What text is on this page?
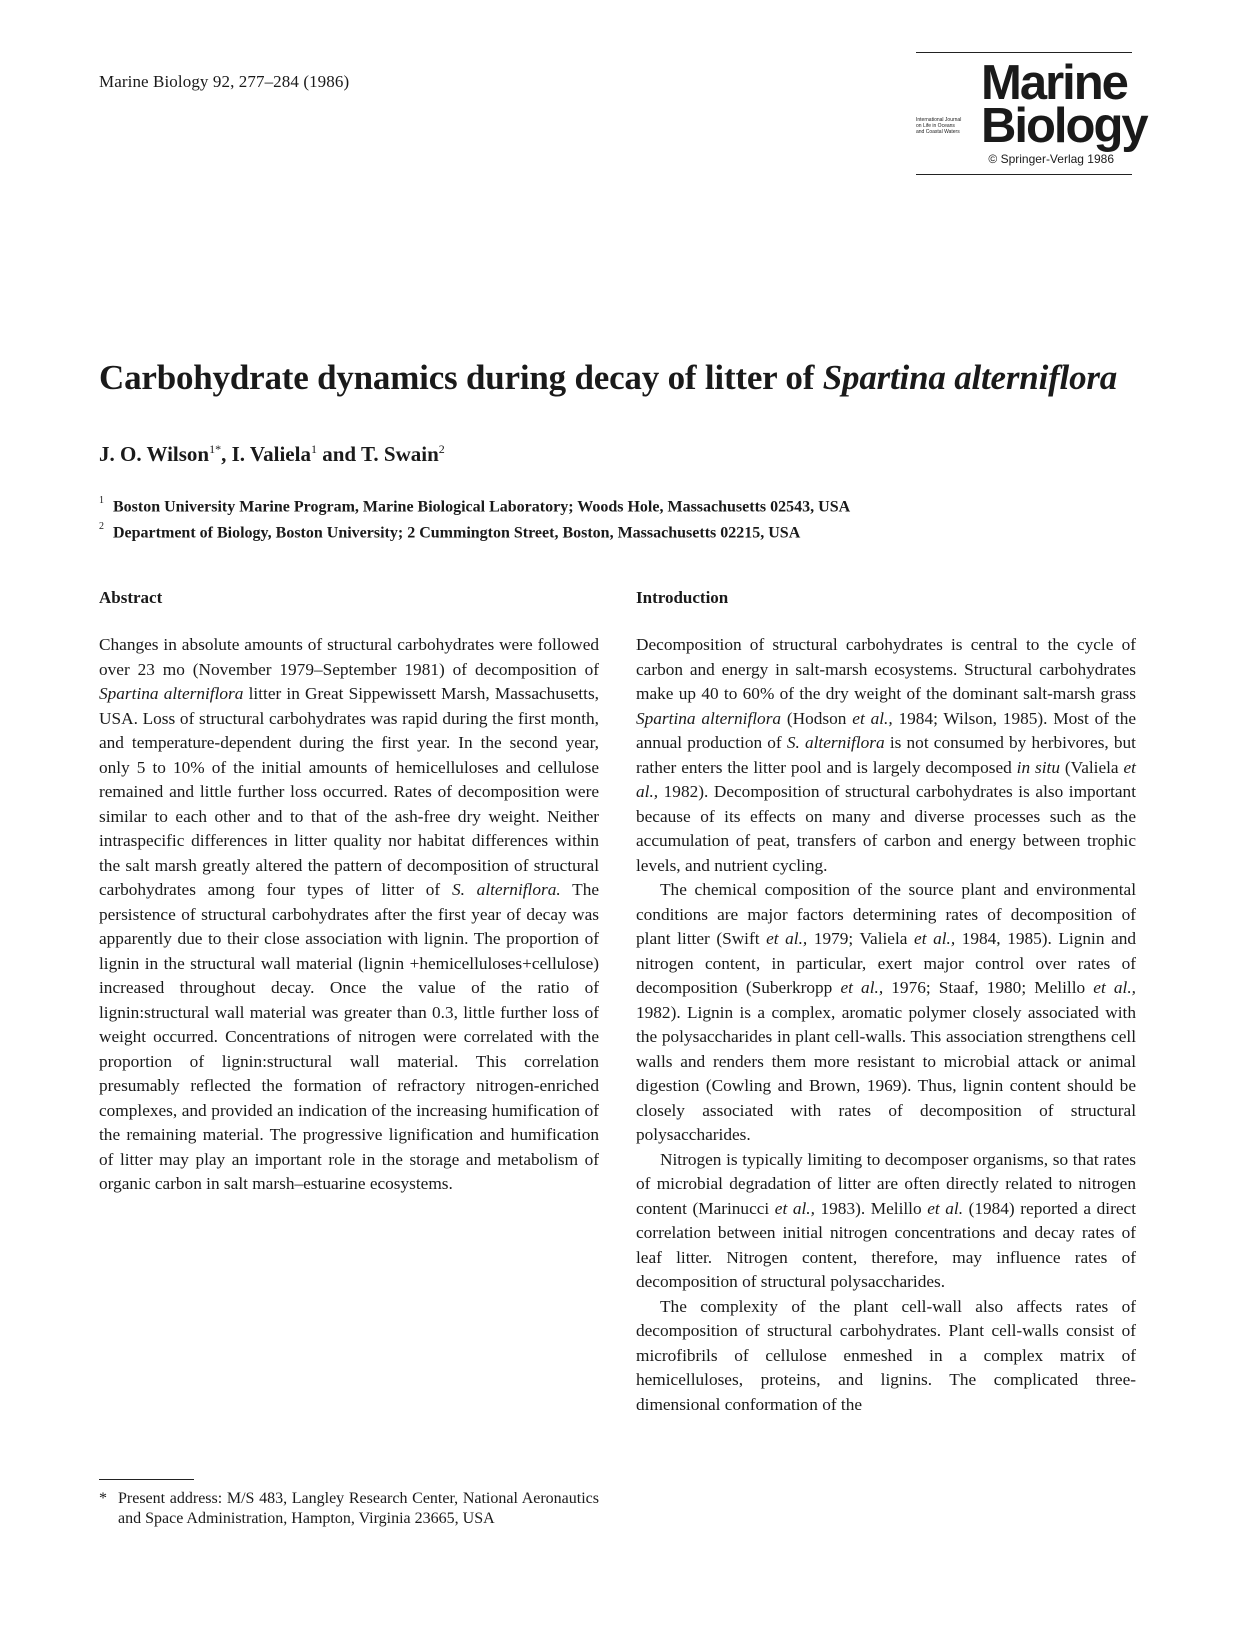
Marine Biology 92, 277–284 (1986)	Marine
International Journal
on Life in Oceans
and Coastal Waters Biology
© Springer-Verlag 1986
Carbohydrate dynamics during decay of litter of Spartina alterniflora
J. O. Wilson$^{1*}$, I. Valiela$^1$ and T. Swain$^2$
$^1$ Boston University Marine Program, Marine Biological Laboratory; Woods Hole, Massachusetts 02543, USA
$^2$ Department of Biology, Boston University; 2 Cummington Street, Boston, Massachusetts 02215, USA
Abstract	Introduction

Changes in absolute amounts of structural carbohydrates were followed over 23 mo (November 1979–September 1981) of decomposition of Spartina alterniflora litter in Great Sippewissett Marsh, Massachusetts, USA. Loss of structural carbohydrates was rapid during the first month, and temperature-dependent during the first year. In the second year, only 5 to 10% of the initial amounts of hemicelluloses and cellulose remained and little further loss occurred. Rates of decomposition were similar to each other and to that of the ash-free dry weight. Neither intraspecific differences in litter quality nor habitat differences within the salt marsh greatly altered the pattern of decomposition of structural carbohydrates among four types of litter of S. alterniflora. The persistence of structural carbohydrates after the first year of decay was apparently due to their close association with lignin. The proportion of lignin in the structural wall material (lignin +hemicelluloses+cellulose) increased throughout decay. Once the value of the ratio of lignin:structural wall material was greater than 0.3, little further loss of weight occurred. Concentrations of nitrogen were correlated with the proportion of lignin:structural wall material. This correlation presumably reflected the formation of refractory nitrogen-enriched complexes, and provided an indication of the increasing humification of the remaining material. The progressive lignification and humification of litter may play an important role in the storage and metabolism of organic carbon in salt marsh–estuarine ecosystems.

Decomposition of structural carbohydrates is central to the cycle of carbon and energy in salt-marsh ecosystems. Structural carbohydrates make up 40 to 60% of the dry weight of the dominant salt-marsh grass Spartina alterniflora (Hodson et al., 1984; Wilson, 1985). Most of the annual production of S. alterniflora is not consumed by herbivores, but rather enters the litter pool and is largely decomposed in situ (Valiela et al., 1982). Decomposition of structural carbohydrates is also important because of its effects on many and diverse processes such as the accumulation of peat, transfers of carbon and energy between trophic levels, and nutrient cycling.

The chemical composition of the source plant and environmental conditions are major factors determining rates of decomposition of plant litter (Swift et al., 1979; Valiela et al., 1984, 1985). Lignin and nitrogen content, in particular, exert major control over rates of decomposition (Suberkropp et al., 1976; Staaf, 1980; Melillo et al., 1982). Lignin is a complex, aromatic polymer closely associated with the polysaccharides in plant cell-walls. This association strengthens cell walls and renders them more resistant to microbial attack or animal digestion (Cowling and Brown, 1969). Thus, lignin content should be closely associated with rates of decomposition of structural polysaccharides.

Nitrogen is typically limiting to decomposer organisms, so that rates of microbial degradation of litter are often directly related to nitrogen content (Marinucci et al., 1983). Melillo et al. (1984) reported a direct correlation between initial nitrogen concentrations and decay rates of leaf litter. Nitrogen content, therefore, may influence rates of decomposition of structural polysaccharides.

The complexity of the plant cell-wall also affects rates of decomposition of structural carbohydrates. Plant cell-walls consist of microfibrils of cellulose enmeshed in a complex matrix of hemicelluloses, proteins, and lignins. The complicated three-dimensional conformation of the

* Present address: M/S 483, Langley Research Center, National Aeronautics and Space Administration, Hampton, Virginia 23665, USA
